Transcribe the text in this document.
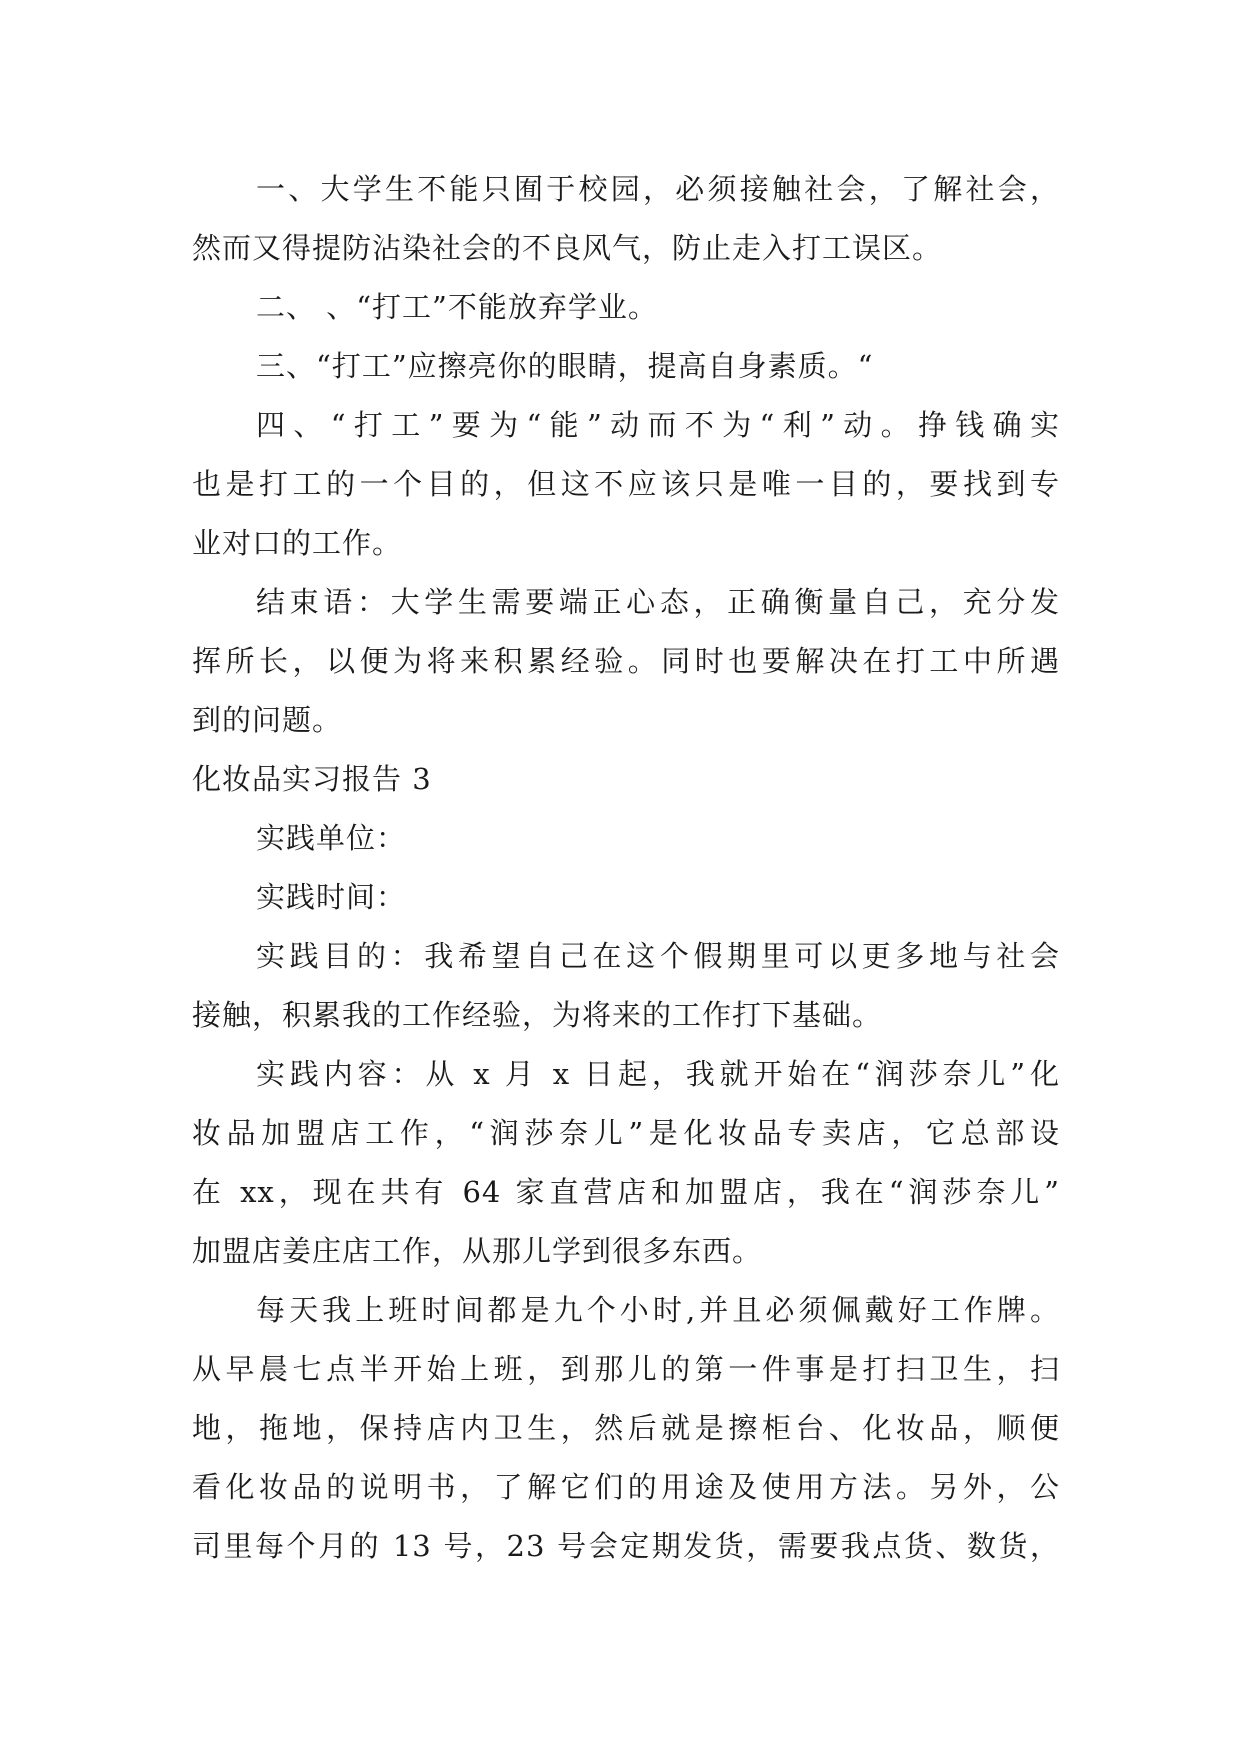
一、大学生不能只囿于校园，必须接触社会，了解社会，
然而又得提防沾染社会的不良风气，防止走入打工误区。
二、 、“打工”不能放弃学业。
三、“打工”应擦亮你的眼睛，提高自身素质。“
四、“打工”要为“能”动而不为“利”动。挣钱确实
也是打工的一个目的，但这不应该只是唯一目的，要找到专
业对口的工作。
结束语：大学生需要端正心态，正确衡量自己，充分发
挥所长，以便为将来积累经验。同时也要解决在打工中所遇
到的问题。
化妆品实习报告 3
实践单位：
实践时间：
实践目的：我希望自己在这个假期里可以更多地与社会
接触，积累我的工作经验，为将来的工作打下基础。
实践内容：从 x 月 x 日起，我就开始在“润莎奈儿”化
妆品加盟店工作，“润莎奈儿”是化妆品专卖店，它总部设
在 xx，现在共有 64 家直营店和加盟店，我在“润莎奈儿”
加盟店姜庄店工作，从那儿学到很多东西。
每天我上班时间都是九个小时,并且必须佩戴好工作牌。
从早晨七点半开始上班，到那儿的第一件事是打扫卫生，扫
地，拖地，保持店内卫生，然后就是擦柜台、化妆品，顺便
看化妆品的说明书，了解它们的用途及使用方法。另外，公
司里每个月的 13 号，23 号会定期发货，需要我点货、数货，
